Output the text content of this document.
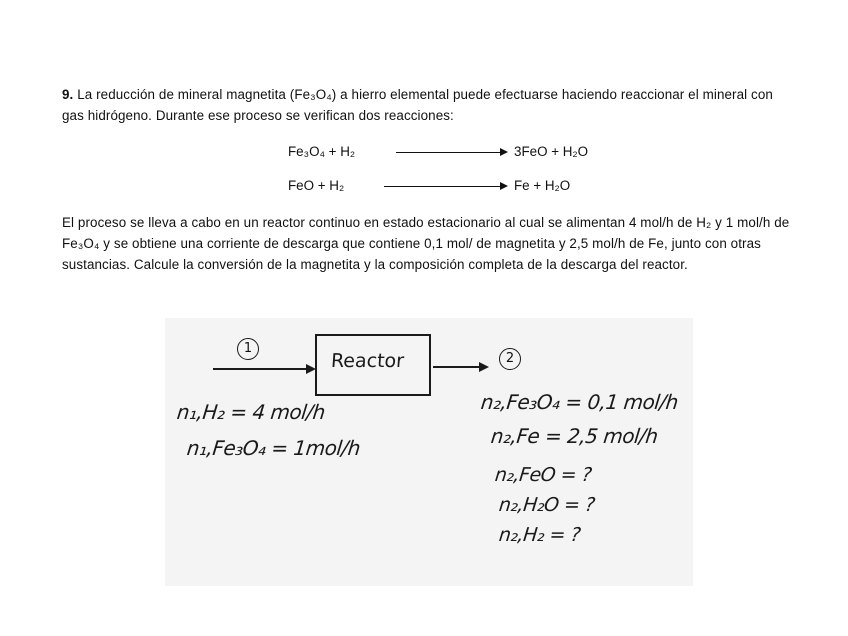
9. La reducción de mineral magnetita (Fe₃O₄) a hierro elemental puede efectuarse haciendo reaccionar el mineral con gas hidrógeno. Durante ese proceso se verifican dos reacciones:

Fe₃O₄ + H₂	3FeO + H₂O
FeO + H₂	Fe + H₂O

El proceso se lleva a cabo en un reactor continuo en estado estacionario al cual se alimentan 4 mol/h de H₂ y 1 mol/h de Fe₃O₄ y se obtiene una corriente de descarga que contiene 0,1 mol/ de magnetita y 2,5 mol/h de Fe, junto con otras sustancias. Calcule la conversión de la magnetita y la composición completa de la descarga del reactor.

1
Reactor	2
n₁,H₂ = 4 mol/h
n₁,Fe₃O₄ = 1mol/h
n₂,Fe₃O₄ = 0,1 mol/h
n₂,Fe = 2,5 mol/h
n₂,FeO = ?
n₂,H₂O = ?
n₂,H₂ = ?
